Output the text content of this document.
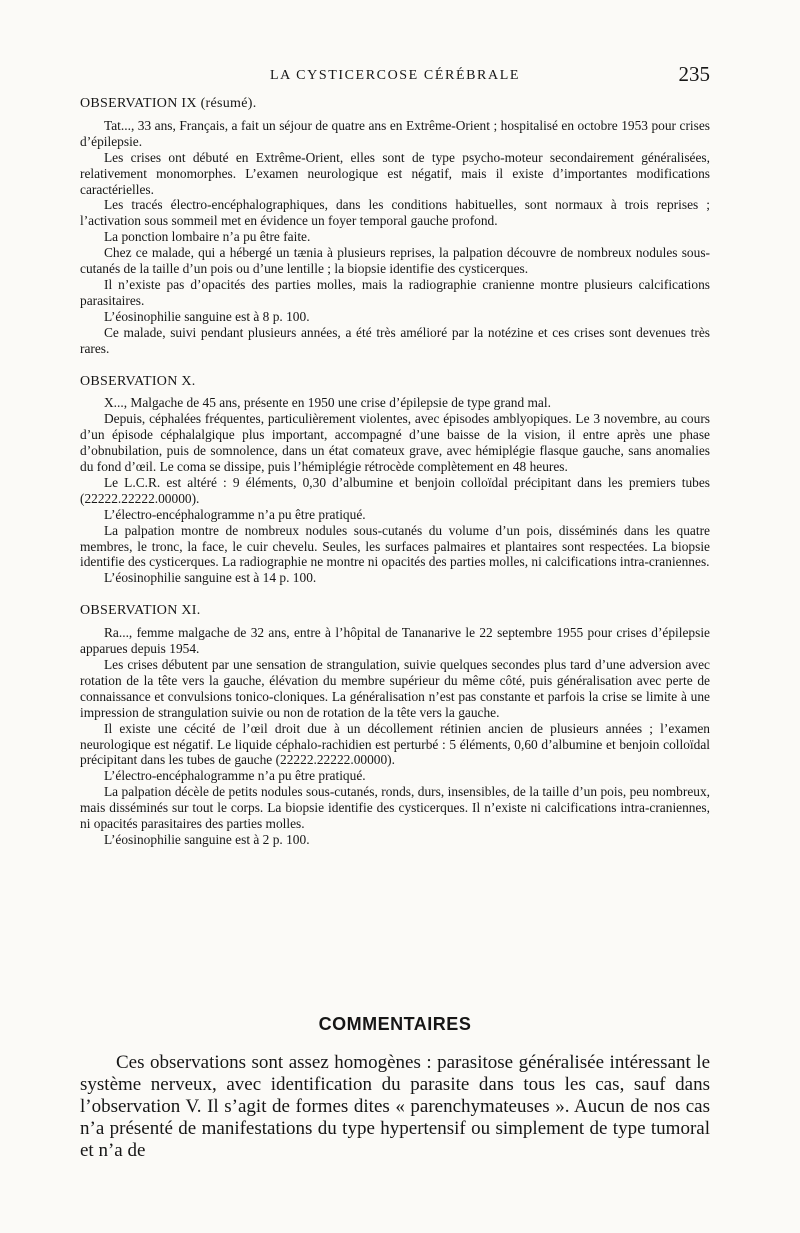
LA CYSTICERCOSE CÉRÉBRALE	235
OBSERVATION IX (résumé).

Tat..., 33 ans, Français, a fait un séjour de quatre ans en Extrême-Orient ; hospitalisé en octobre 1953 pour crises d’épilepsie.

Les crises ont débuté en Extrême-Orient, elles sont de type psycho-moteur secondairement généralisées, relativement monomorphes. L’examen neurologique est négatif, mais il existe d’importantes modifications caractérielles.

Les tracés électro-encéphalographiques, dans les conditions habituelles, sont normaux à trois reprises ; l’activation sous sommeil met en évidence un foyer temporal gauche profond.

La ponction lombaire n’a pu être faite.

Chez ce malade, qui a hébergé un tænia à plusieurs reprises, la palpation découvre de nombreux nodules sous-cutanés de la taille d’un pois ou d’une lentille ; la biopsie identifie des cysticerques.

Il n’existe pas d’opacités des parties molles, mais la radiographie cranienne montre plusieurs calcifications parasitaires.

L’éosinophilie sanguine est à 8 p. 100.

Ce malade, suivi pendant plusieurs années, a été très amélioré par la notézine et ces crises sont devenues très rares.

OBSERVATION X.

X..., Malgache de 45 ans, présente en 1950 une crise d’épilepsie de type grand mal.

Depuis, céphalées fréquentes, particulièrement violentes, avec épisodes amblyopiques. Le 3 novembre, au cours d’un épisode céphalalgique plus important, accompagné d’une baisse de la vision, il entre après une phase d’obnubilation, puis de somnolence, dans un état comateux grave, avec hémiplégie flasque gauche, sans anomalies du fond d’œil. Le coma se dissipe, puis l’hémiplégie rétrocède complètement en 48 heures.

Le L.C.R. est altéré : 9 éléments, 0,30 d’albumine et benjoin colloïdal précipitant dans les premiers tubes (22222.22222.00000).

L’électro-encéphalogramme n’a pu être pratiqué.

La palpation montre de nombreux nodules sous-cutanés du volume d’un pois, disséminés dans les quatre membres, le tronc, la face, le cuir chevelu. Seules, les surfaces palmaires et plantaires sont respectées. La biopsie identifie des cysticerques. La radiographie ne montre ni opacités des parties molles, ni calcifications intra-craniennes.

L’éosinophilie sanguine est à 14 p. 100.

OBSERVATION XI.

Ra..., femme malgache de 32 ans, entre à l’hôpital de Tananarive le 22 septembre 1955 pour crises d’épilepsie apparues depuis 1954.

Les crises débutent par une sensation de strangulation, suivie quelques secondes plus tard d’une adversion avec rotation de la tête vers la gauche, élévation du membre supérieur du même côté, puis généralisation avec perte de connaissance et convulsions tonico-cloniques. La généralisation n’est pas constante et parfois la crise se limite à une impression de strangulation suivie ou non de rotation de la tête vers la gauche.

Il existe une cécité de l’œil droit due à un décollement rétinien ancien de plusieurs années ; l’examen neurologique est négatif. Le liquide céphalo-rachidien est perturbé : 5 éléments, 0,60 d’albumine et benjoin colloïdal précipitant dans les tubes de gauche (22222.22222.00000).

L’électro-encéphalogramme n’a pu être pratiqué.

La palpation décèle de petits nodules sous-cutanés, ronds, durs, insensibles, de la taille d’un pois, peu nombreux, mais disséminés sur tout le corps. La biopsie identifie des cysticerques. Il n’existe ni calcifications intra-craniennes, ni opacités parasitaires des parties molles.

L’éosinophilie sanguine est à 2 p. 100.

COMMENTAIRES

Ces observations sont assez homogènes : parasitose généralisée intéressant le système nerveux, avec identification du parasite dans tous les cas, sauf dans l’observation V. Il s’agit de formes dites « parenchymateuses ». Aucun de nos cas n’a présenté de manifestations du type hypertensif ou simplement de type tumoral et n’a de
